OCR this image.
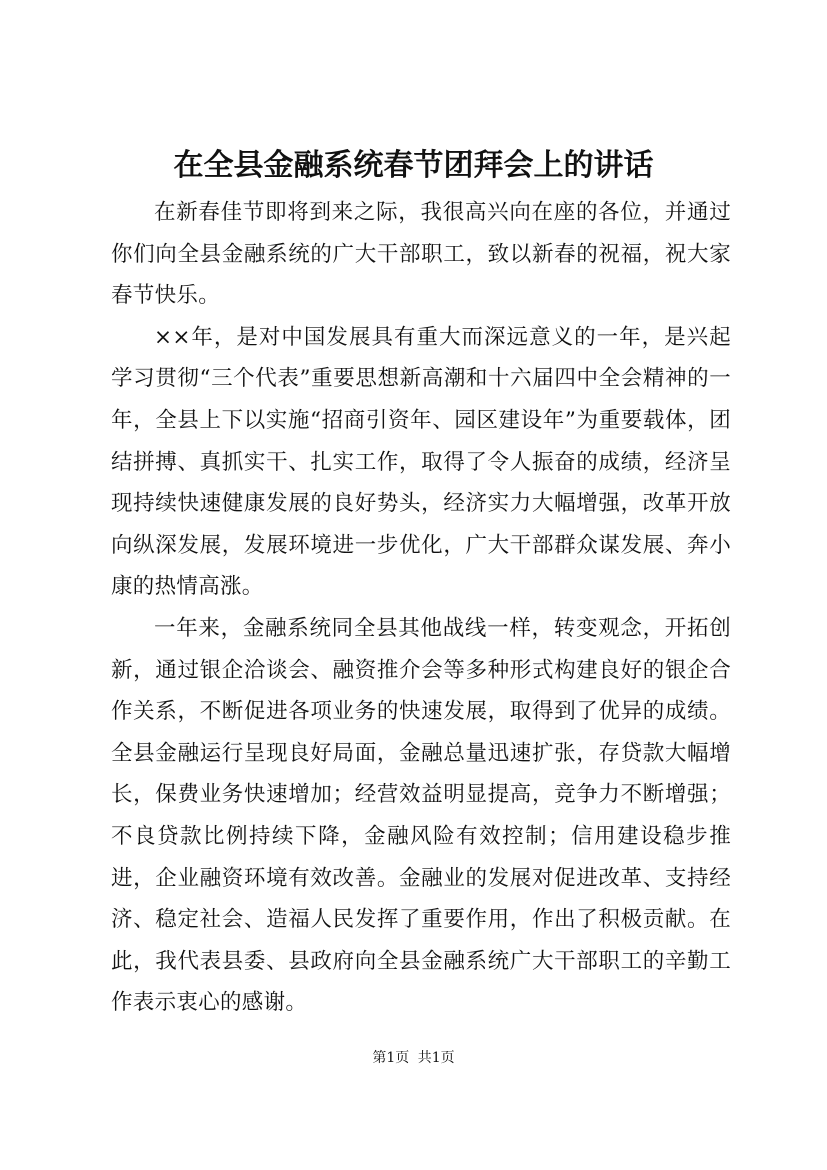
在全县金融系统春节团拜会上的讲话

在新春佳节即将到来之际，我很高兴向在座的各位，并通过你们向全县金融系统的广大干部职工，致以新春的祝福，祝大家春节快乐。

××年，是对中国发展具有重大而深远意义的一年，是兴起学习贯彻“三个代表”重要思想新高潮和十六届四中全会精神的一年，全县上下以实施“招商引资年、园区建设年”为重要载体，团结拼搏、真抓实干、扎实工作，取得了令人振奋的成绩，经济呈现持续快速健康发展的良好势头，经济实力大幅增强，改革开放向纵深发展，发展环境进一步优化，广大干部群众谋发展、奔小康的热情高涨。

一年来，金融系统同全县其他战线一样，转变观念，开拓创新，通过银企洽谈会、融资推介会等多种形式构建良好的银企合作关系，不断促进各项业务的快速发展，取得到了优异的成绩。全县金融运行呈现良好局面，金融总量迅速扩张，存贷款大幅增长，保费业务快速增加；经营效益明显提高，竞争力不断增强；不良贷款比例持续下降，金融风险有效控制；信用建设稳步推进，企业融资环境有效改善。金融业的发展对促进改革、支持经济、稳定社会、造福人民发挥了重要作用，作出了积极贡献。在此，我代表县委、县政府向全县金融系统广大干部职工的辛勤工作表示衷心的感谢。

第1页 共1页
